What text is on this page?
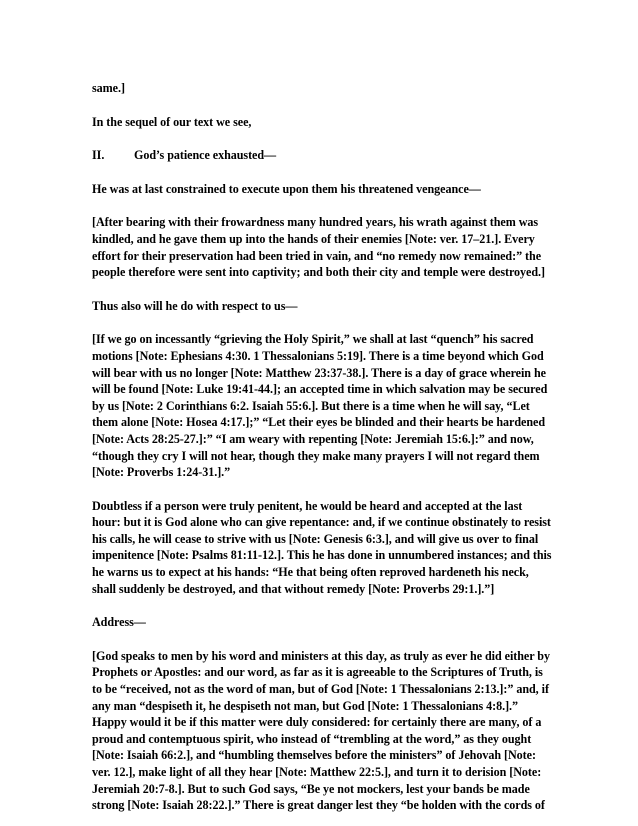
same.]

In the sequel of our text we see,

II. God’s patience exhausted—

He was at last constrained to execute upon them his threatened vengeance—

[After bearing with their frowardness many hundred years, his wrath against them was kindled, and he gave them up into the hands of their enemies [Note: ver. 17–21.]. Every effort for their preservation had been tried in vain, and “no remedy now remained:” the people therefore were sent into captivity; and both their city and temple were destroyed.]

Thus also will he do with respect to us—

[If we go on incessantly “grieving the Holy Spirit,” we shall at last “quench” his sacred motions [Note: Ephesians 4:30. 1 Thessalonians 5:19]. There is a time beyond which God will bear with us no longer [Note: Matthew 23:37-38.]. There is a day of grace wherein he will be found [Note: Luke 19:41-44.]; an accepted time in which salvation may be secured by us [Note: 2 Corinthians 6:2. Isaiah 55:6.]. But there is a time when he will say, “Let them alone [Note: Hosea 4:17.];” “Let their eyes be blinded and their hearts be hardened [Note: Acts 28:25-27.]:” “I am weary with repenting [Note: Jeremiah 15:6.]:” and now, “though they cry I will not hear, though they make many prayers I will not regard them [Note: Proverbs 1:24-31.].”

Doubtless if a person were truly penitent, he would be heard and accepted at the last hour: but it is God alone who can give repentance: and, if we continue obstinately to resist his calls, he will cease to strive with us [Note: Genesis 6:3.], and will give us over to final impenitence [Note: Psalms 81:11-12.]. This he has done in unnumbered instances; and this he warns us to expect at his hands: “He that being often reproved hardeneth his neck, shall suddenly be destroyed, and that without remedy [Note: Proverbs 29:1.].”]

Address—

[God speaks to men by his word and ministers at this day, as truly as ever he did either by Prophets or Apostles: and our word, as far as it is agreeable to the Scriptures of Truth, is to be “received, not as the word of man, but of God [Note: 1 Thessalonians 2:13.]:” and, if any man “despiseth it, he despiseth not man, but God [Note: 1 Thessalonians 4:8.].” Happy would it be if this matter were duly considered: for certainly there are many, of a proud and contemptuous spirit, who instead of “trembling at the word,” as they ought [Note: Isaiah 66:2.], and “humbling themselves before the ministers” of Jehovah [Note: ver. 12.], make light of all they hear [Note: Matthew 22:5.], and turn it to derision [Note: Jeremiah 20:7-8.]. But to such God says, “Be ye not mockers, lest your bands be made strong [Note: Isaiah 28:22.].” There is great danger lest they “be holden with the cords of
